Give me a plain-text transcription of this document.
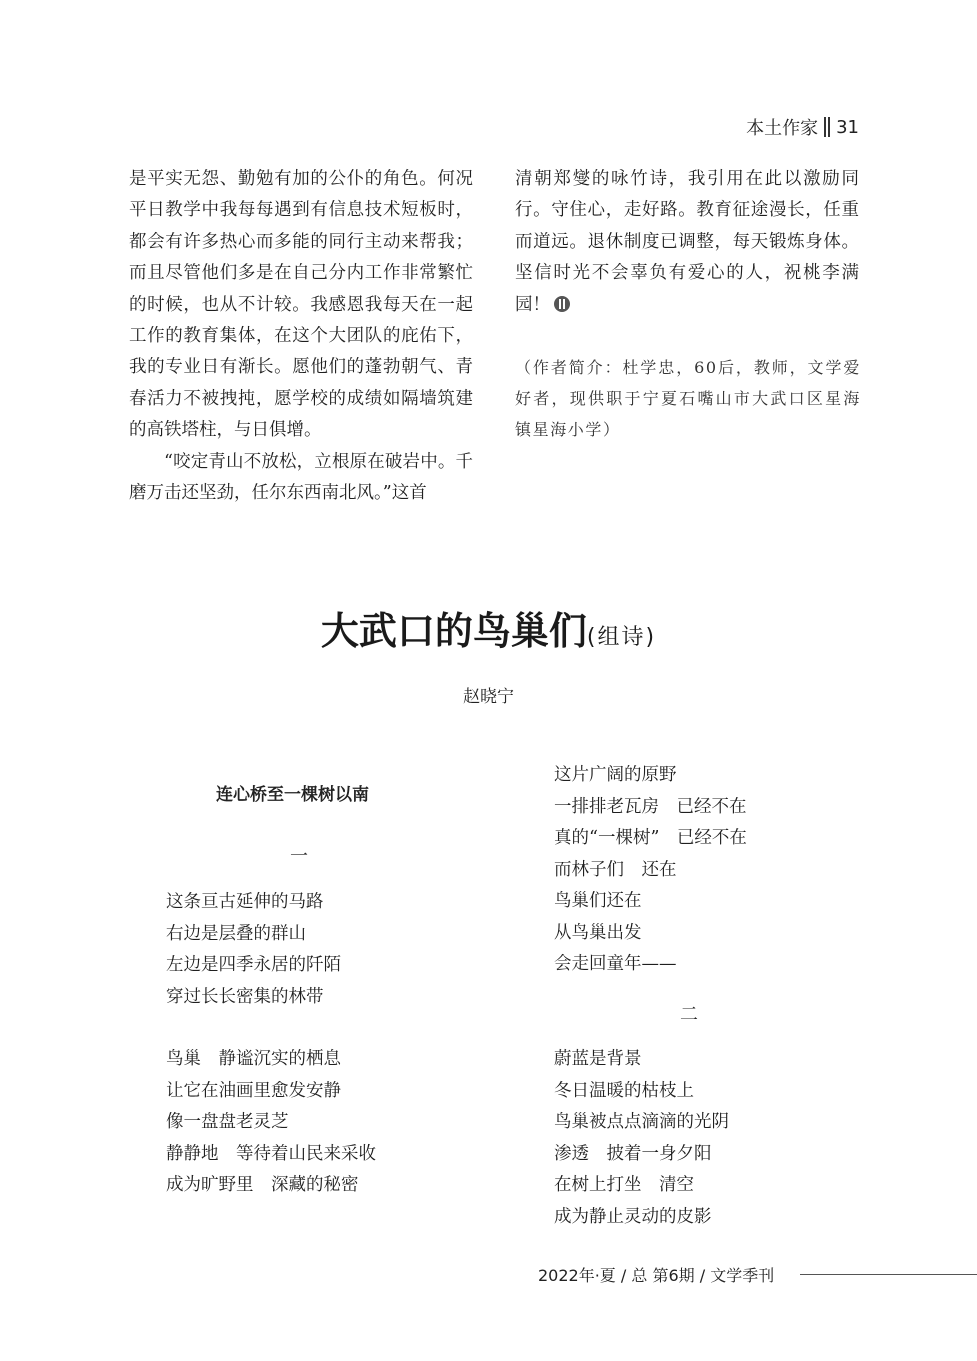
本土作家 31

是平实无怨、勤勉有加的公仆的角色。何况平日教学中我每每遇到有信息技术短板时，都会有许多热心而多能的同行主动来帮我；而且尽管他们多是在自己分内工作非常繁忙的时候，也从不计较。我感恩我每天在一起工作的教育集体，在这个大团队的庇佑下，我的专业日有渐长。愿他们的蓬勃朝气、青春活力不被拽扽，愿学校的成绩如隔墙筑建的高铁塔柱，与日俱增。

“咬定青山不放松，立根原在破岩中。千磨万击还坚劲，任尔东西南北风。”这首

清朝郑燮的咏竹诗，我引用在此以激励同行。守住心，走好路。教育征途漫长，任重而道远。退休制度已调整，每天锻炼身体。坚信时光不会辜负有爱心的人，祝桃李满园！

（作者简介：杜学忠，60后，教师，文学爱好者，现供职于宁夏石嘴山市大武口区星海镇星海小学）

大武口的鸟巢们(组诗)
赵晓宁
连心桥至一棵树以南
一
这条亘古延伸的马路
右边是层叠的群山
左边是四季永居的阡陌
穿过长长密集的林带
鸟巢　静谧沉实的栖息
让它在油画里愈发安静
像一盘盘老灵芝
静静地　等待着山民来采收
成为旷野里　深藏的秘密
这片广阔的原野
一排排老瓦房　已经不在
真的“一棵树”　已经不在
而林子们　还在
鸟巢们还在
从鸟巢出发
会走回童年——
二
蔚蓝是背景
冬日温暖的枯枝上
鸟巢被点点滴滴的光阴
渗透　披着一身夕阳
在树上打坐　清空
成为静止灵动的皮影
2022年·夏 / 总 第6期 / 文学季刊
